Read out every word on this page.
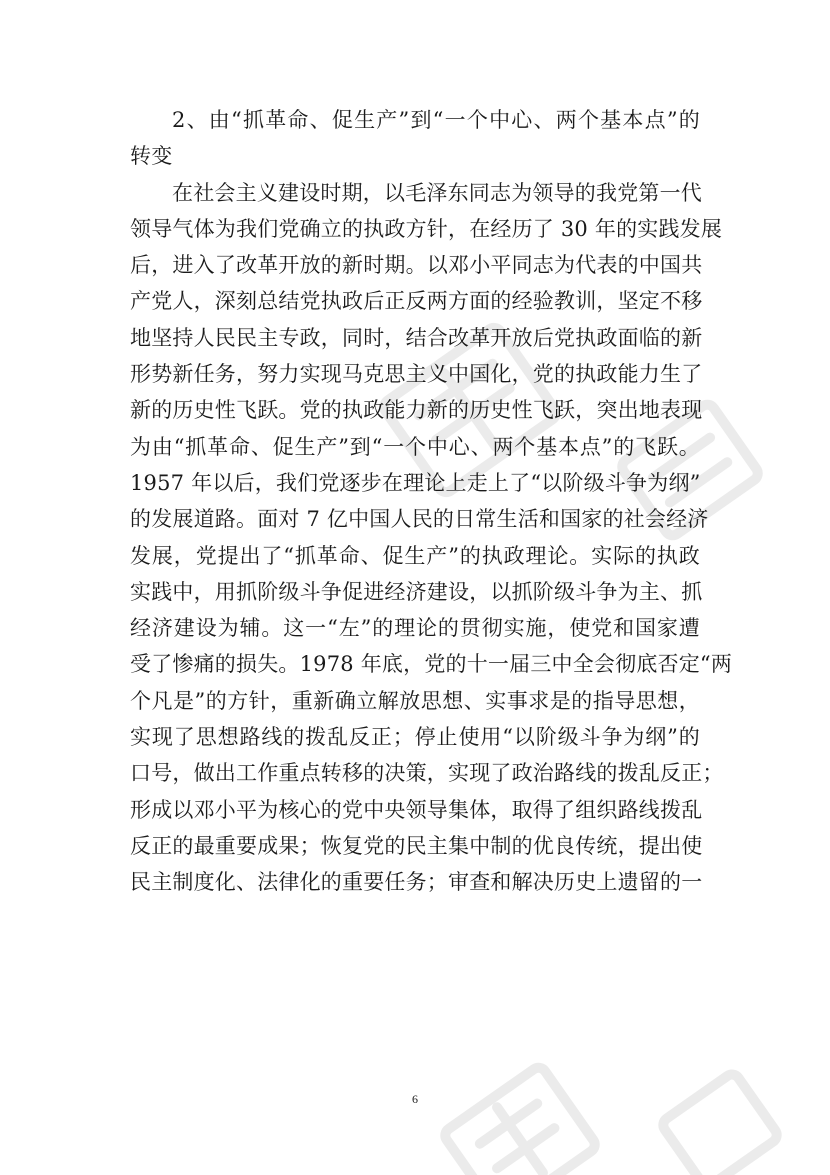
2、由“抓革命、促生产”到“一个中心、两个基本点”的
转变
在社会主义建设时期，以毛泽东同志为领导的我党第一代
领导气体为我们党确立的执政方针，在经历了 30 年的实践发展
后，进入了改革开放的新时期。以邓小平同志为代表的中国共
产党人，深刻总结党执政后正反两方面的经验教训，坚定不移
地坚持人民民主专政，同时，结合改革开放后党执政面临的新
形势新任务，努力实现马克思主义中国化，党的执政能力生了
新的历史性飞跃。党的执政能力新的历史性飞跃，突出地表现
为由“抓革命、促生产”到“一个中心、两个基本点”的飞跃。
1957 年以后，我们党逐步在理论上走上了“以阶级斗争为纲”
的发展道路。面对 7 亿中国人民的日常生活和国家的社会经济
发展，党提出了“抓革命、促生产”的执政理论。实际的执政
实践中，用抓阶级斗争促进经济建设，以抓阶级斗争为主、抓
经济建设为辅。这一“左”的理论的贯彻实施，使党和国家遭
受了惨痛的损失。1978 年底，党的十一届三中全会彻底否定“两
个凡是”的方针，重新确立解放思想、实事求是的指导思想，
实现了思想路线的拨乱反正；停止使用“以阶级斗争为纲”的
口号，做出工作重点转移的决策，实现了政治路线的拨乱反正；
形成以邓小平为核心的党中央领导集体，取得了组织路线拨乱
反正的最重要成果；恢复党的民主集中制的优良传统，提出使
民主制度化、法律化的重要任务；审查和解决历史上遗留的一
6
